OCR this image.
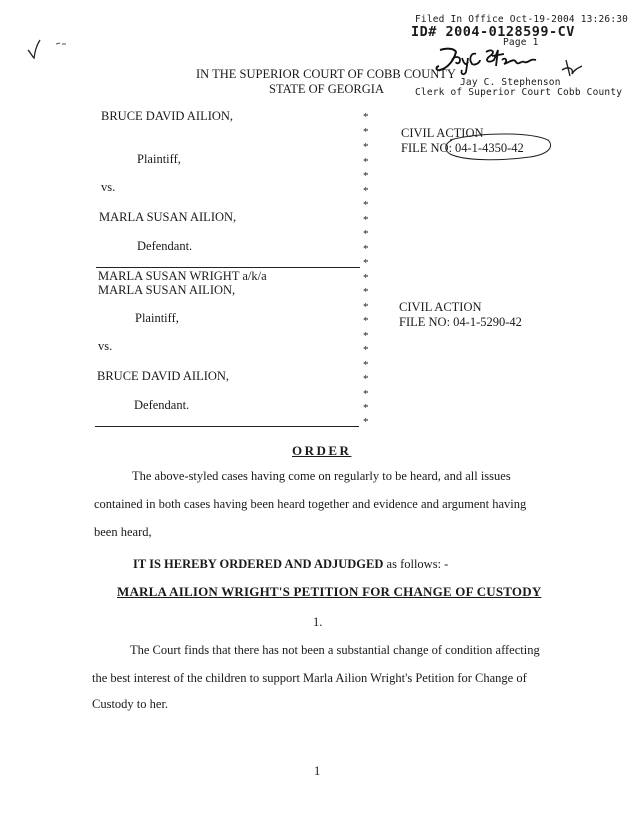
Filed In Office Oct-19-2004 13:26:30
ID# 2004-0128599-CV
Page 1
Jay C. Stephenson
Clerk of Superior Court Cobb County
IN THE SUPERIOR COURT OF COBB COUNTY
STATE OF GEORGIA
BRUCE DAVID AILION,
Plaintiff,
vs.
MARLA SUSAN AILION,
Defendant.
CIVIL ACTION
FILE NO: 04-1-4350-42
MARLA SUSAN WRIGHT a/k/a
MARLA SUSAN AILION,
Plaintiff,
vs.
BRUCE DAVID AILION,
Defendant.
CIVIL ACTION
FILE NO: 04-1-5290-42
*
*
*
*
*
*
*
*
*
*
*
*
*
*
*
*
*
*
*
*
*
*
ORDER
The above-styled cases having come on regularly to be heard, and all issues
contained in both cases having been heard together and evidence and argument having
been heard,
IT IS HEREBY ORDERED AND ADJUDGED as follows: -
MARLA AILION WRIGHT'S PETITION FOR CHANGE OF CUSTODY
1.
The Court finds that there has not been a substantial change of condition affecting
the best interest of the children to support Marla Ailion Wright's Petition for Change of
Custody to her.
1
